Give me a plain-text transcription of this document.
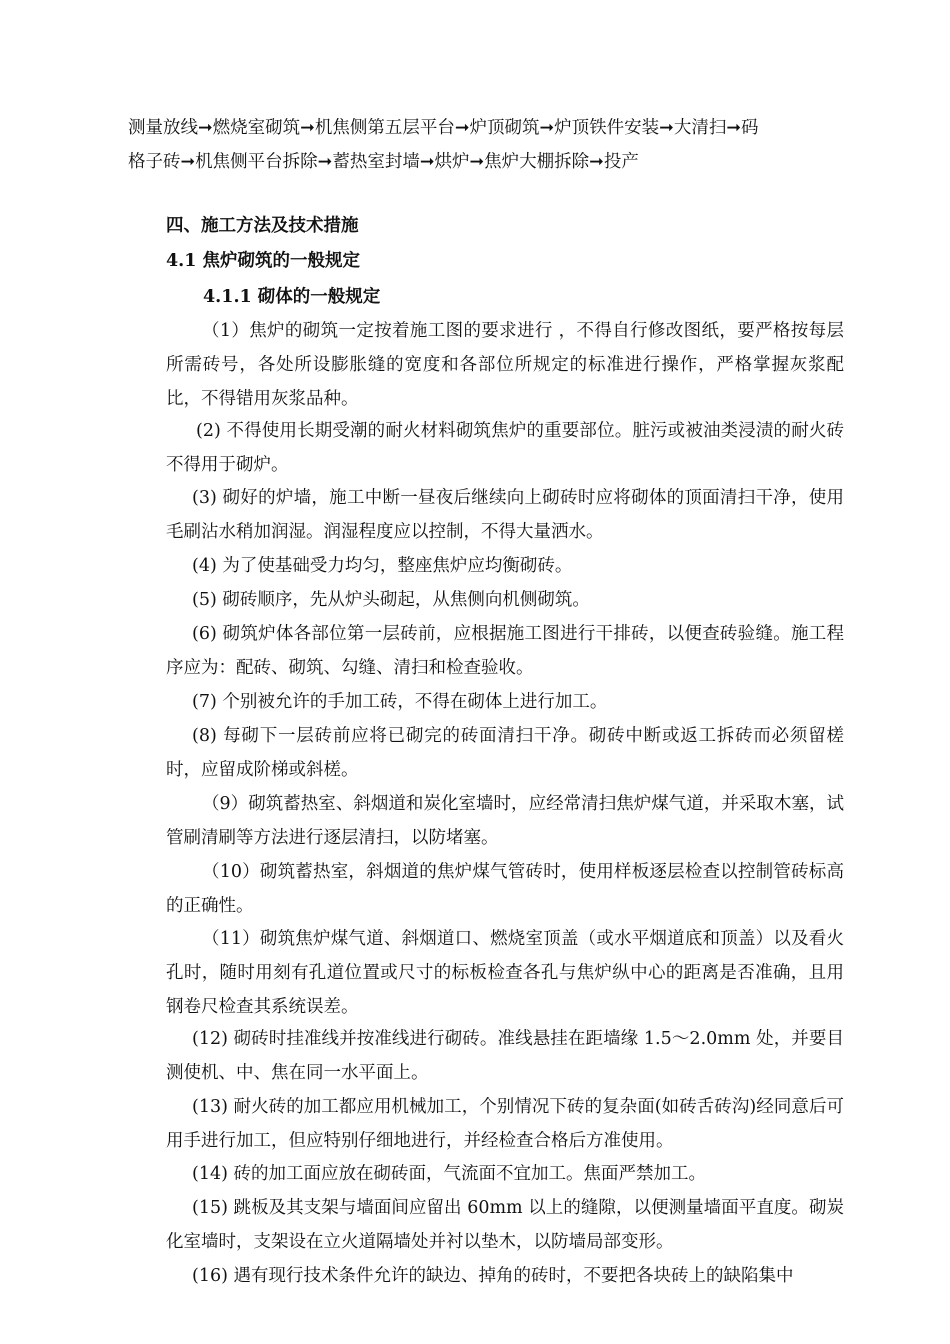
测量放线➞燃烧室砌筑➞机焦侧第五层平台➞炉顶砌筑➞炉顶铁件安装➞大清扫➞码
格子砖➞机焦侧平台拆除➞蓄热室封墙➞烘炉➞焦炉大棚拆除➞投产
四、施工方法及技术措施
4.1 焦炉砌筑的一般规定
4.1.1 砌体的一般规定
（1）焦炉的砌筑一定按着施工图的要求进行 ，不得自行修改图纸，要严格按每层所需砖号，各处所设膨胀缝的宽度和各部位所规定的标准进行操作，严格掌握灰浆配比，不得错用灰浆品种。
(2) 不得使用长期受潮的耐火材料砌筑焦炉的重要部位。脏污或被油类浸渍的耐火砖不得用于砌炉。
(3) 砌好的炉墙，施工中断一昼夜后继续向上砌砖时应将砌体的顶面清扫干净，使用毛刷沾水稍加润湿。润湿程度应以控制，不得大量洒水。
(4) 为了使基础受力均匀，整座焦炉应均衡砌砖。
(5) 砌砖顺序，先从炉头砌起，从焦侧向机侧砌筑。
(6) 砌筑炉体各部位第一层砖前，应根据施工图进行干排砖，以便查砖验缝。施工程序应为：配砖、砌筑、勾缝、清扫和检查验收。
(7) 个别被允许的手加工砖，不得在砌体上进行加工。
(8) 每砌下一层砖前应将已砌完的砖面清扫干净。砌砖中断或返工拆砖而必须留槎时，应留成阶梯或斜槎。
（9）砌筑蓄热室、斜烟道和炭化室墙时，应经常清扫焦炉煤气道，并采取木塞，试管刷清刷等方法进行逐层清扫，以防堵塞。
（10）砌筑蓄热室，斜烟道的焦炉煤气管砖时，使用样板逐层检查以控制管砖标高的正确性。
（11）砌筑焦炉煤气道、斜烟道口、燃烧室顶盖（或水平烟道底和顶盖）以及看火孔时，随时用刻有孔道位置或尺寸的标板检查各孔与焦炉纵中心的距离是否准确，且用钢卷尺检查其系统误差。
(12) 砌砖时挂准线并按准线进行砌砖。准线悬挂在距墙缘 1.5～2.0mm 处，并要目测使机、中、焦在同一水平面上。
(13) 耐火砖的加工都应用机械加工，个别情况下砖的复杂面(如砖舌砖沟)经同意后可用手进行加工，但应特别仔细地进行，并经检查合格后方准使用。
(14) 砖的加工面应放在砌砖面，气流面不宜加工。焦面严禁加工。
(15) 跳板及其支架与墙面间应留出 60mm 以上的缝隙，以便测量墙面平直度。砌炭化室墙时，支架设在立火道隔墙处并衬以垫木，以防墙局部变形。
(16) 遇有现行技术条件允许的缺边、掉角的砖时，不要把各块砖上的缺陷集中
